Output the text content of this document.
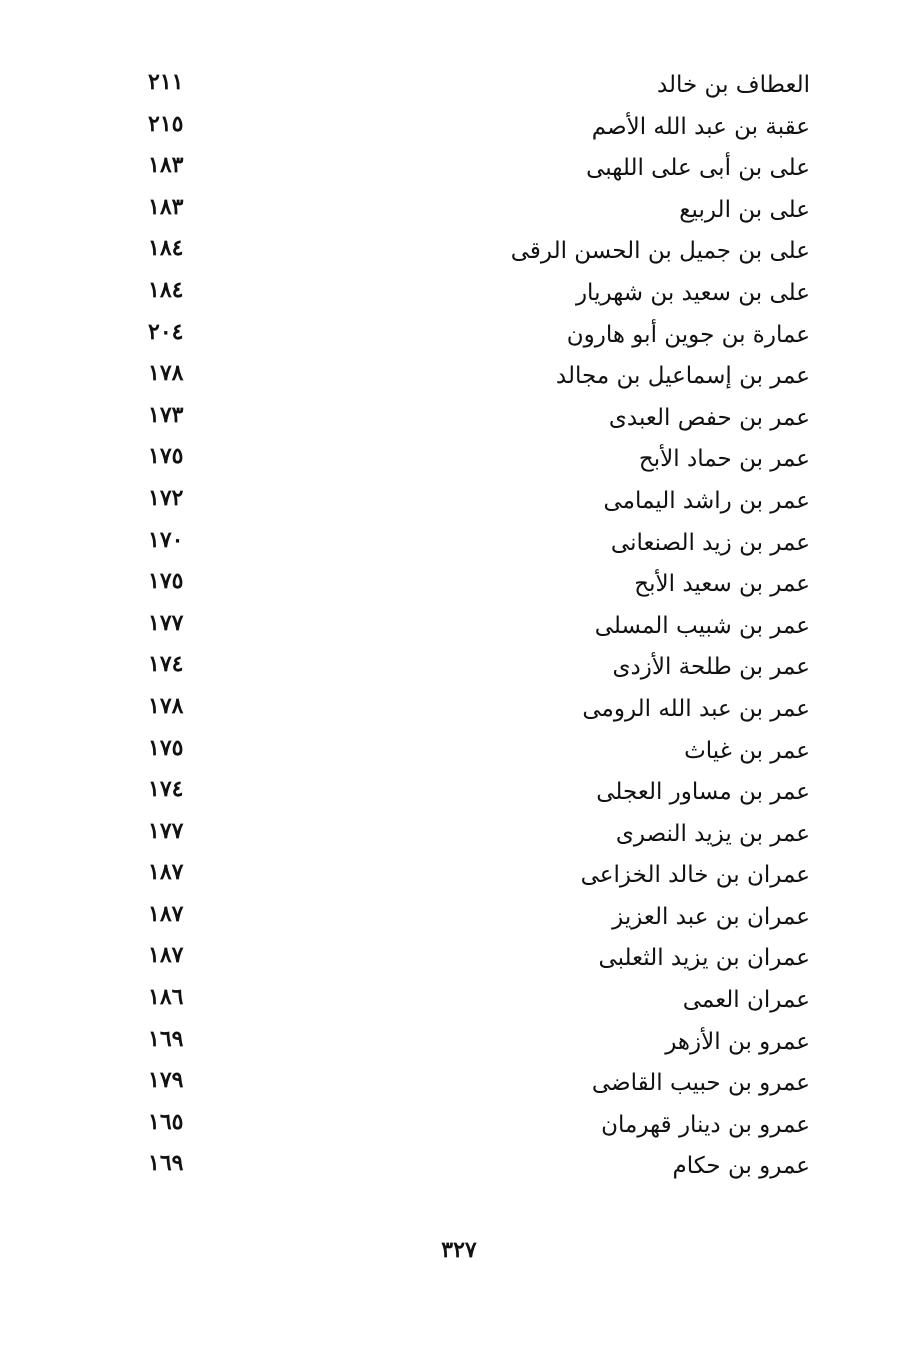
العطاف بن خالد
٢١١
عقبة بن عبد الله الأصم
٢١٥
على بن أبى على اللهبى
١٨٣
على بن الربيع
١٨٣
على بن جميل بن الحسن الرقى
١٨٤
على بن سعيد بن شهريار
١٨٤
عمارة بن جوين أبو هارون
٢٠٤
عمر بن إسماعيل بن مجالد
١٧٨
عمر بن حفص العبدى
١٧٣
عمر بن حماد الأبح
١٧٥
عمر بن راشد اليمامى
١٧٢
عمر بن زيد الصنعانى
١٧٠
عمر بن سعيد الأبح
١٧٥
عمر بن شبيب المسلى
١٧٧
عمر بن طلحة الأزدى
١٧٤
عمر بن عبد الله الرومى
١٧٨
عمر بن غياث
١٧٥
عمر بن مساور العجلى
١٧٤
عمر بن يزيد النصرى
١٧٧
عمران بن خالد الخزاعى
١٨٧
عمران بن عبد العزيز
١٨٧
عمران بن يزيد الثعلبى
١٨٧
عمران العمى
١٨٦
عمرو بن الأزهر
١٦٩
عمرو بن حبيب القاضى
١٧٩
عمرو بن دينار قهرمان
١٦٥
عمرو بن حكام
١٦٩
٣٢٧
